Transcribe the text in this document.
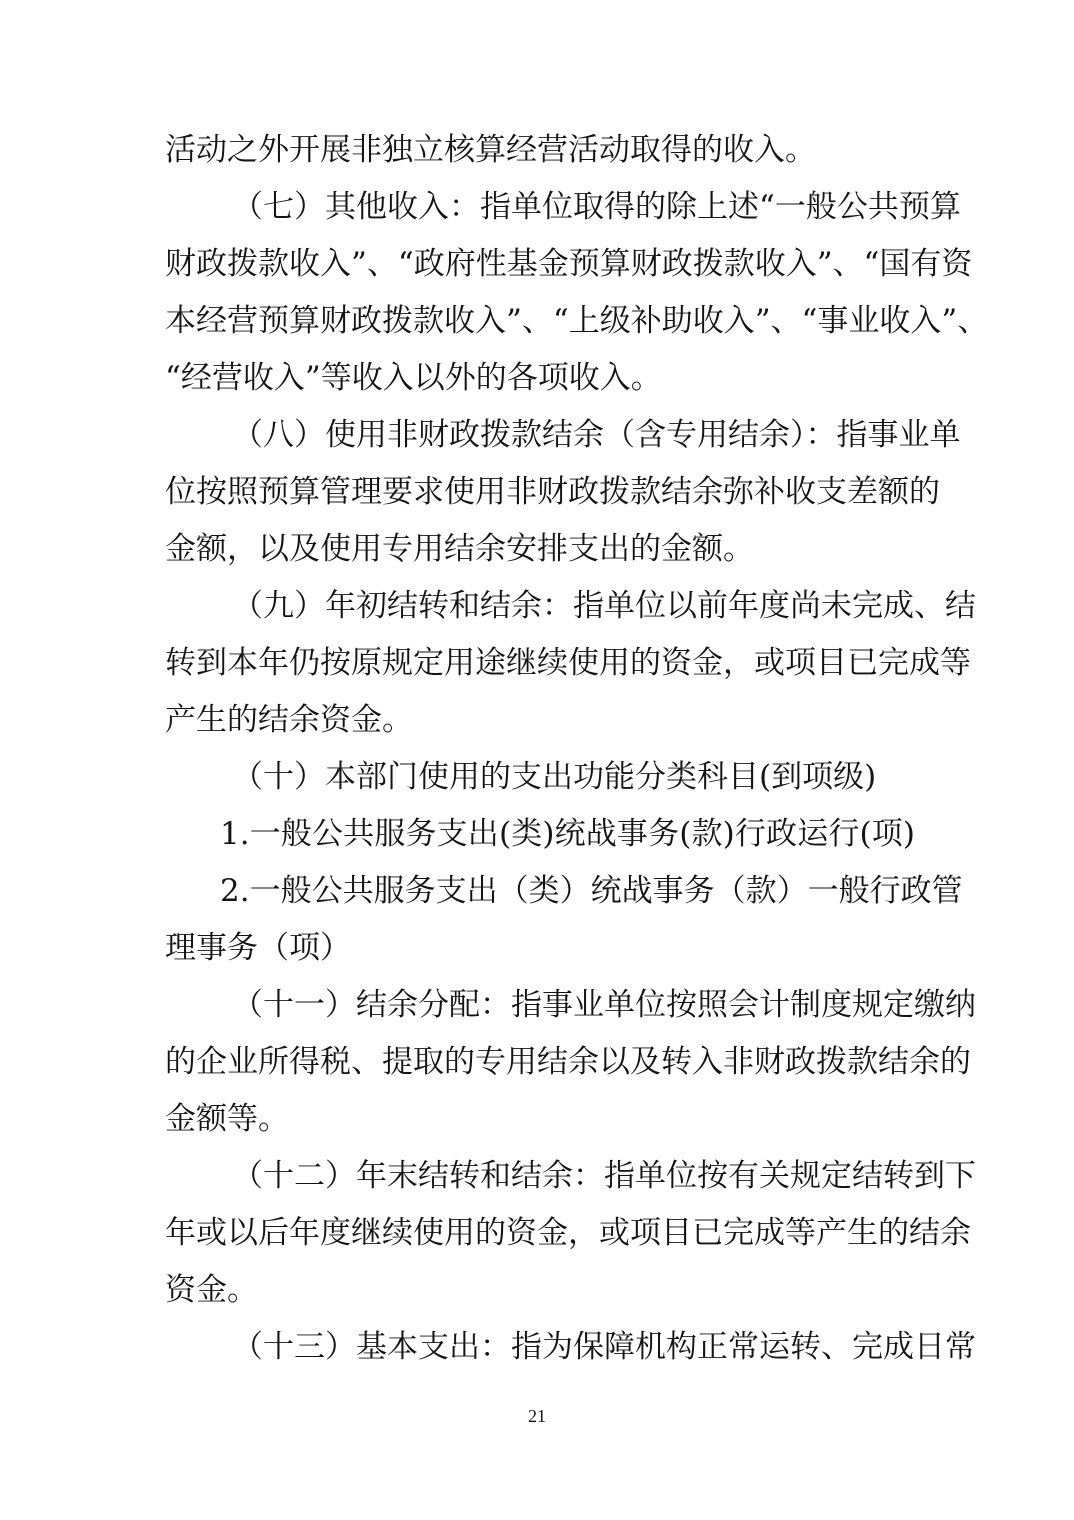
活动之外开展非独立核算经营活动取得的收入。
（七）其他收入：指单位取得的除上述“一般公共预算
财政拨款收入”、“政府性基金预算财政拨款收入”、“国有资
本经营预算财政拨款收入”、“上级补助收入”、“事业收入”、
“经营收入”等收入以外的各项收入。
（八）使用非财政拨款结余（含专用结余）：指事业单
位按照预算管理要求使用非财政拨款结余弥补收支差额的
金额，以及使用专用结余安排支出的金额。
（九）年初结转和结余：指单位以前年度尚未完成、结
转到本年仍按原规定用途继续使用的资金，或项目已完成等
产生的结余资金。
（十）本部门使用的支出功能分类科目(到项级)
1.一般公共服务支出(类)统战事务(款)行政运行(项)
2.一般公共服务支出（类）统战事务（款）一般行政管
理事务（项）
（十一）结余分配：指事业单位按照会计制度规定缴纳
的企业所得税、提取的专用结余以及转入非财政拨款结余的
金额等。
（十二）年末结转和结余：指单位按有关规定结转到下
年或以后年度继续使用的资金，或项目已完成等产生的结余
资金。
（十三）基本支出：指为保障机构正常运转、完成日常
21
